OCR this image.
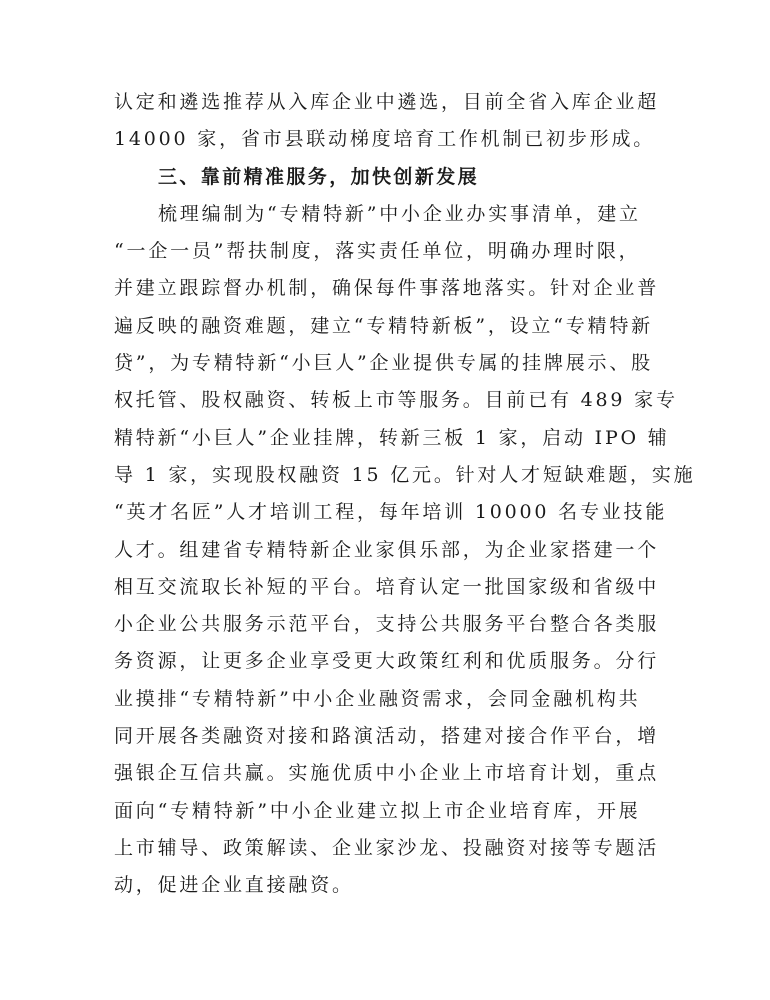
认定和遴选推荐从入库企业中遴选，目前全省入库企业超
14000 家，省市县联动梯度培育工作机制已初步形成。
三、靠前精准服务，加快创新发展
梳理编制为“专精特新”中小企业办实事清单，建立
“一企一员”帮扶制度，落实责任单位，明确办理时限，
并建立跟踪督办机制，确保每件事落地落实。针对企业普
遍反映的融资难题，建立“专精特新板”，设立“专精特新
贷”，为专精特新“小巨人”企业提供专属的挂牌展示、股
权托管、股权融资、转板上市等服务。目前已有 489 家专
精特新“小巨人”企业挂牌，转新三板 1 家，启动 IPO 辅
导 1 家，实现股权融资 15 亿元。针对人才短缺难题，实施
“英才名匠”人才培训工程，每年培训 10000 名专业技能
人才。组建省专精特新企业家俱乐部，为企业家搭建一个
相互交流取长补短的平台。培育认定一批国家级和省级中
小企业公共服务示范平台，支持公共服务平台整合各类服
务资源，让更多企业享受更大政策红利和优质服务。分行
业摸排“专精特新”中小企业融资需求，会同金融机构共
同开展各类融资对接和路演活动，搭建对接合作平台，增
强银企互信共赢。实施优质中小企业上市培育计划，重点
面向“专精特新”中小企业建立拟上市企业培育库，开展
上市辅导、政策解读、企业家沙龙、投融资对接等专题活
动，促进企业直接融资。
